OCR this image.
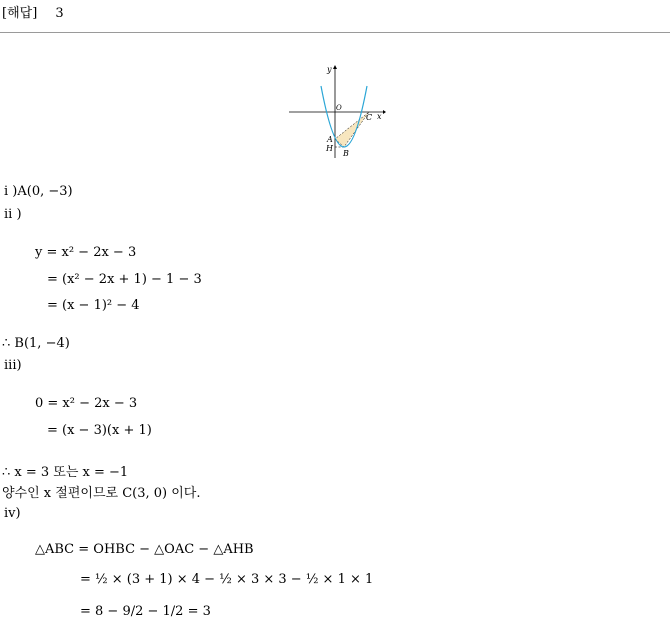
[해답] 3
y
x
O
C
A
H
B
i )A(0, −3)
ii )
y = x² − 2x − 3
= (x² − 2x + 1) − 1 − 3
= (x − 1)² − 4
∴ B(1, −4)
iii)
0 = x² − 2x − 3
= (x − 3)(x + 1)
∴ x = 3 또는 x = −1
양수인 x 절편이므로 C(3, 0) 이다.
iv)
△ABC = OHBC − △OAC − △AHB
= ½ × (3 + 1) × 4 − ½ × 3 × 3 − ½ × 1 × 1
= 8 − 9/2 − 1/2 = 3
